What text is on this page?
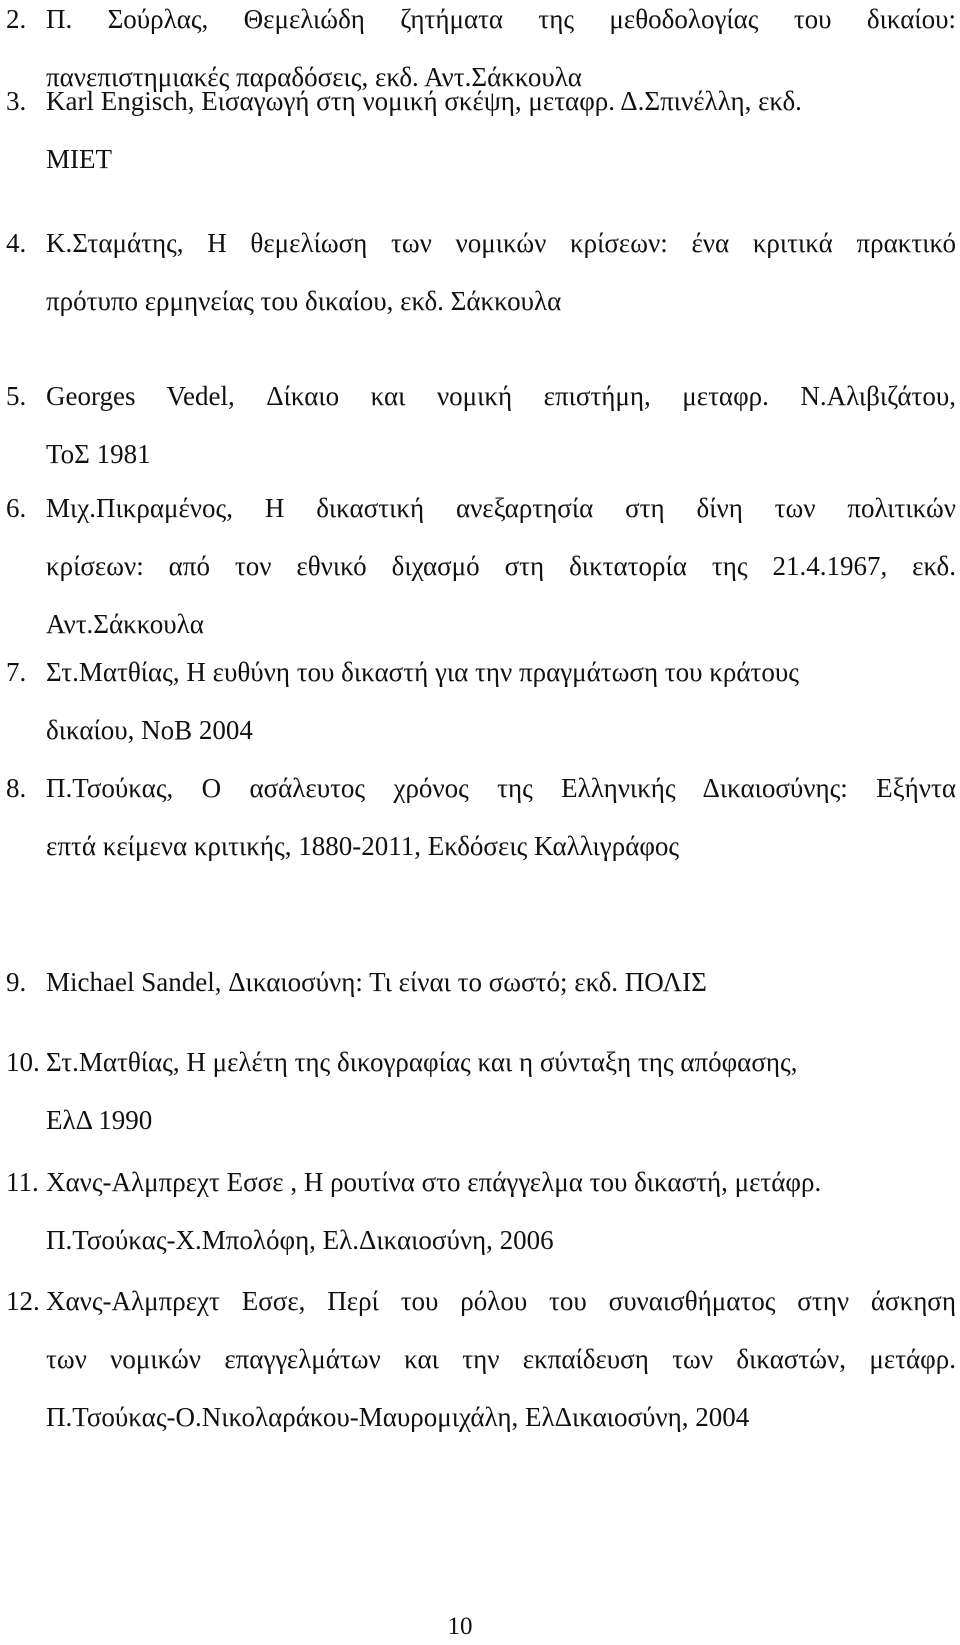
2. Π. Σούρλας, Θεμελιώδη ζητήματα της μεθοδολογίας του δικαίου:
πανεπιστημιακές παραδόσεις, εκδ. Αντ.Σάκκουλα
3. Karl Engisch, Εισαγωγή στη νομική σκέψη, μεταφρ. Δ.Σπινέλλη, εκδ.
ΜΙΕΤ
4. Κ.Σταμάτης, Η θεμελίωση των νομικών κρίσεων: ένα κριτικά πρακτικό
πρότυπο ερμηνείας του δικαίου, εκδ. Σάκκουλα
5. Georges Vedel, Δίκαιο και νομική επιστήμη, μεταφρ. Ν.Αλιβιζάτου,
ΤοΣ 1981
6. Μιχ.Πικραμένος, Η δικαστική ανεξαρτησία στη δίνη των πολιτικών
κρίσεων: από τον εθνικό διχασμό στη δικτατορία της 21.4.1967, εκδ.
Αντ.Σάκκουλα
7. Στ.Ματθίας, Η ευθύνη του δικαστή για την πραγμάτωση του κράτους
δικαίου, ΝοΒ 2004
8. Π.Τσούκας, Ο ασάλευτος χρόνος της Ελληνικής Δικαιοσύνης: Εξήντα
επτά κείμενα κριτικής, 1880-2011, Εκδόσεις Καλλιγράφος
9. Michael Sandel, Δικαιοσύνη: Τι είναι το σωστό; εκδ. ΠΟΛΙΣ
10. Στ.Ματθίας, Η μελέτη της δικογραφίας και η σύνταξη της απόφασης,
ΕλΔ 1990
11. Χανς-Αλμπρεχτ Εσσε , Η ρουτίνα στο επάγγελμα του δικαστή, μετάφρ.
Π.Τσούκας-Χ.Μπολόφη, Ελ.Δικαιοσύνη, 2006
12. Χανς-Αλμπρεχτ Εσσε, Περί του ρόλου του συναισθήματος στην άσκηση
των νομικών επαγγελμάτων και την εκπαίδευση των δικαστών, μετάφρ.
Π.Τσούκας-Ο.Νικολαράκου-Μαυρομιχάλη, ΕλΔικαιοσύνη, 2004
10
